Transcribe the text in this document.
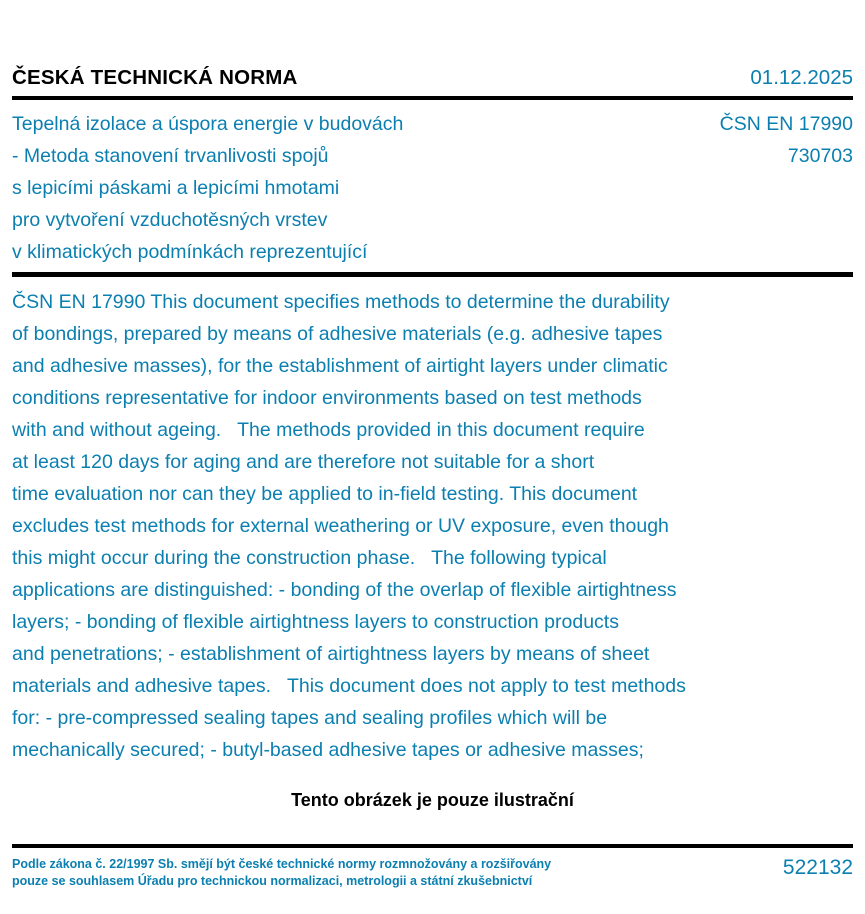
ČESKÁ TECHNICKÁ NORMA	01.12.2025
Tepelná izolace a úspora energie v budovách	ČSN EN 17990
- Metoda stanovení trvanlivosti spojů	730703
s lepicími páskami a lepicími hmotami
pro vytvoření vzduchotěsných vrstev
v klimatických podmínkách reprezentující
ČSN EN 17990 This document specifies methods to determine the durability
of bondings, prepared by means of adhesive materials (e.g. adhesive tapes
and adhesive masses), for the establishment of airtight layers under climatic
conditions representative for indoor environments based on test methods
with and without ageing.   The methods provided in this document require
at least 120 days for aging and are therefore not suitable for a short
time evaluation nor can they be applied to in-field testing. This document
excludes test methods for external weathering or UV exposure, even though
this might occur during the construction phase.   The following typical
applications are distinguished: - bonding of the overlap of flexible airtightness
layers; - bonding of flexible airtightness layers to construction products
and penetrations; - establishment of airtightness layers by means of sheet
materials and adhesive tapes.   This document does not apply to test methods
for: - pre-compressed sealing tapes and sealing profiles which will be
mechanically secured; - butyl-based adhesive tapes or adhesive masses;
Tento obrázek je pouze ilustrační
Podle zákona č. 22/1997 Sb. smějí být české technické normy rozmnožovány a rozšiřovány
pouze se souhlasem Úřadu pro technickou normalizaci, metrologii a státní zkušebnictví
522132
